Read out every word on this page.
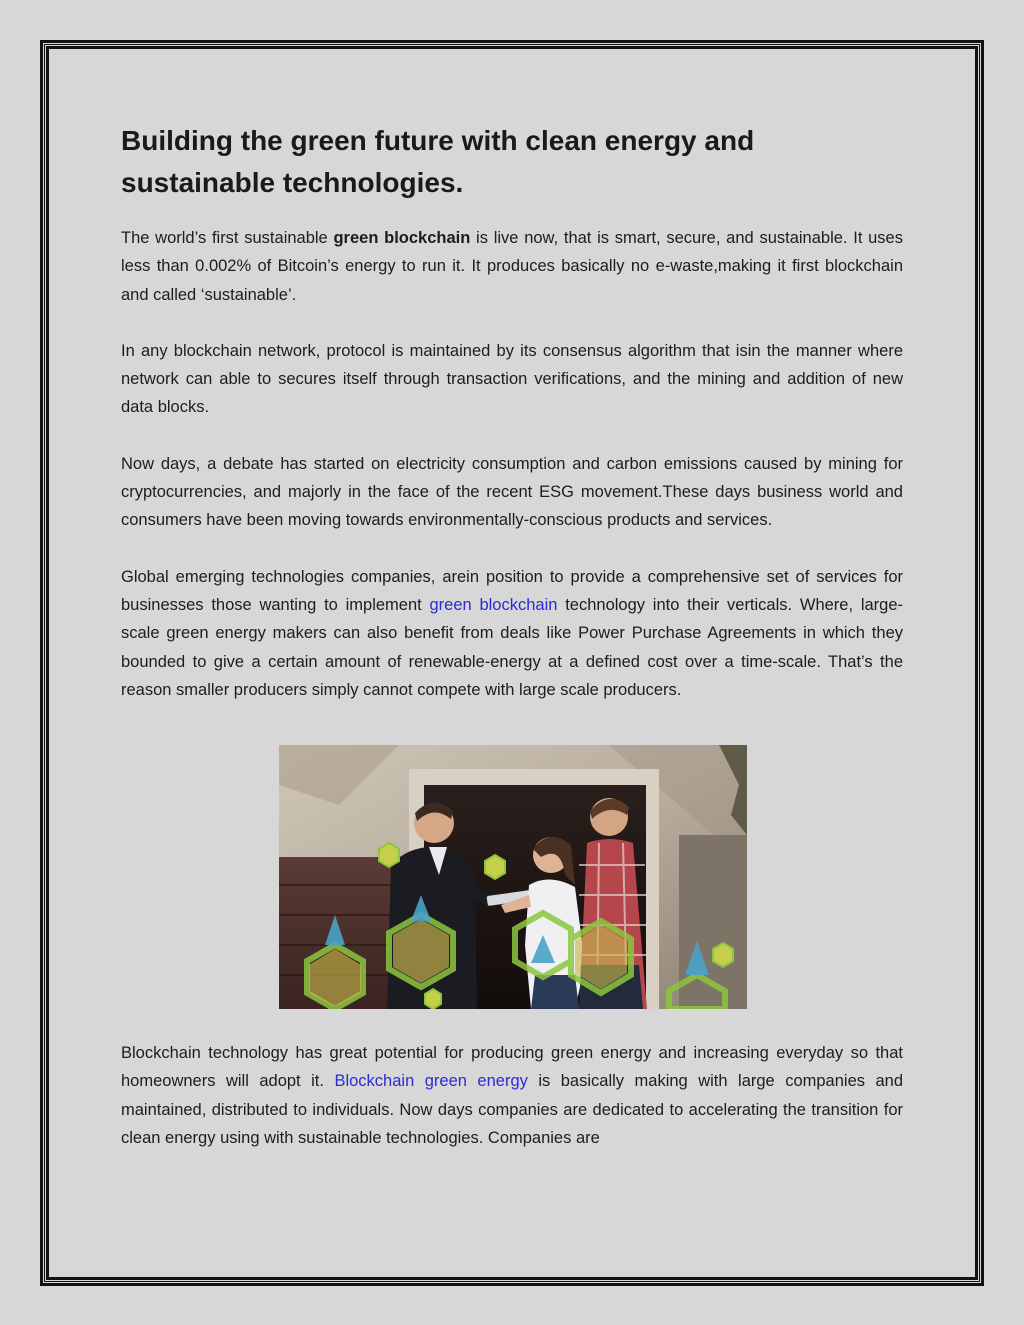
Building the green future with clean energy and sustainable technologies.

The world’s first sustainable green blockchain is live now, that is smart, secure, and sustainable. It uses less than 0.002% of Bitcoin’s energy to run it. It produces basically no e-waste,making it first blockchain and called ‘sustainable’.

In any blockchain network, protocol is maintained by its consensus algorithm that isin the manner where network can able to secures itself through transaction verifications, and the mining and addition of new data blocks.

Now days, a debate has started on electricity consumption and carbon emissions caused by mining for cryptocurrencies, and majorly in the face of the recent ESG movement.These days business world and consumers have been moving towards environmentally-conscious products and services.

Global emerging technologies companies, arein position to provide a comprehensive set of services for businesses those wanting to implement green blockchain technology into their verticals. Where, large-scale green energy makers can also benefit from deals like Power Purchase Agreements in which they bounded to give a certain amount of renewable-energy at a defined cost over a time-scale. That’s the reason smaller producers simply cannot compete with large scale producers.

Blockchain technology has great potential for producing green energy and increasing everyday so that homeowners will adopt it. Blockchain green energy is basically making with large companies and maintained, distributed to individuals. Now days companies are dedicated to accelerating the transition for clean energy using with sustainable technologies. Companies are
